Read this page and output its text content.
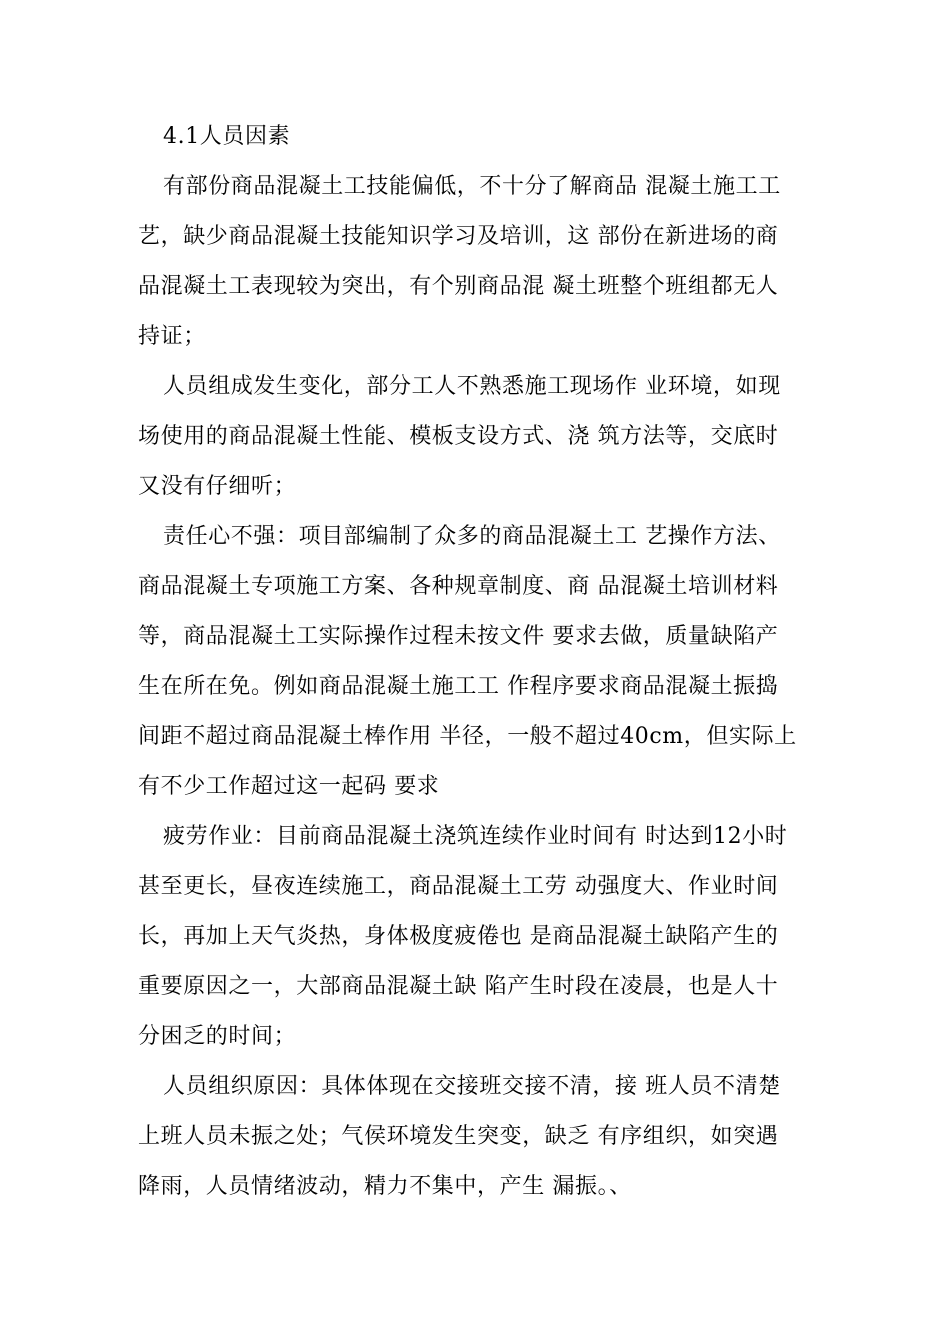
4.1人员因素
有部份商品混凝土工技能偏低，不十分了解商品 混凝土施工工
艺，缺少商品混凝土技能知识学习及培训，这 部份在新进场的商
品混凝土工表现较为突出，有个别商品混 凝土班整个班组都无人
持证；
人员组成发生变化，部分工人不熟悉施工现场作 业环境，如现
场使用的商品混凝土性能、模板支设方式、浇 筑方法等，交底时
又没有仔细听；
责任心不强：项目部编制了众多的商品混凝土工 艺操作方法、
商品混凝土专项施工方案、各种规章制度、商 品混凝土培训材料
等，商品混凝土工实际操作过程未按文件 要求去做，质量缺陷产
生在所在免。例如商品混凝土施工工 作程序要求商品混凝土振捣
间距不超过商品混凝土棒作用 半径，一般不超过40cm，但实际上
有不少工作超过这一起码 要求
疲劳作业：目前商品混凝土浇筑连续作业时间有 时达到12小时
甚至更长，昼夜连续施工，商品混凝土工劳 动强度大、作业时间
长，再加上天气炎热，身体极度疲倦也 是商品混凝土缺陷产生的
重要原因之一，大部商品混凝土缺 陷产生时段在凌晨，也是人十
分困乏的时间；
人员组织原因：具体体现在交接班交接不清，接 班人员不清楚
上班人员未振之处；气侯环境发生突变，缺乏 有序组织，如突遇
降雨，人员情绪波动，精力不集中，产生 漏振。、
